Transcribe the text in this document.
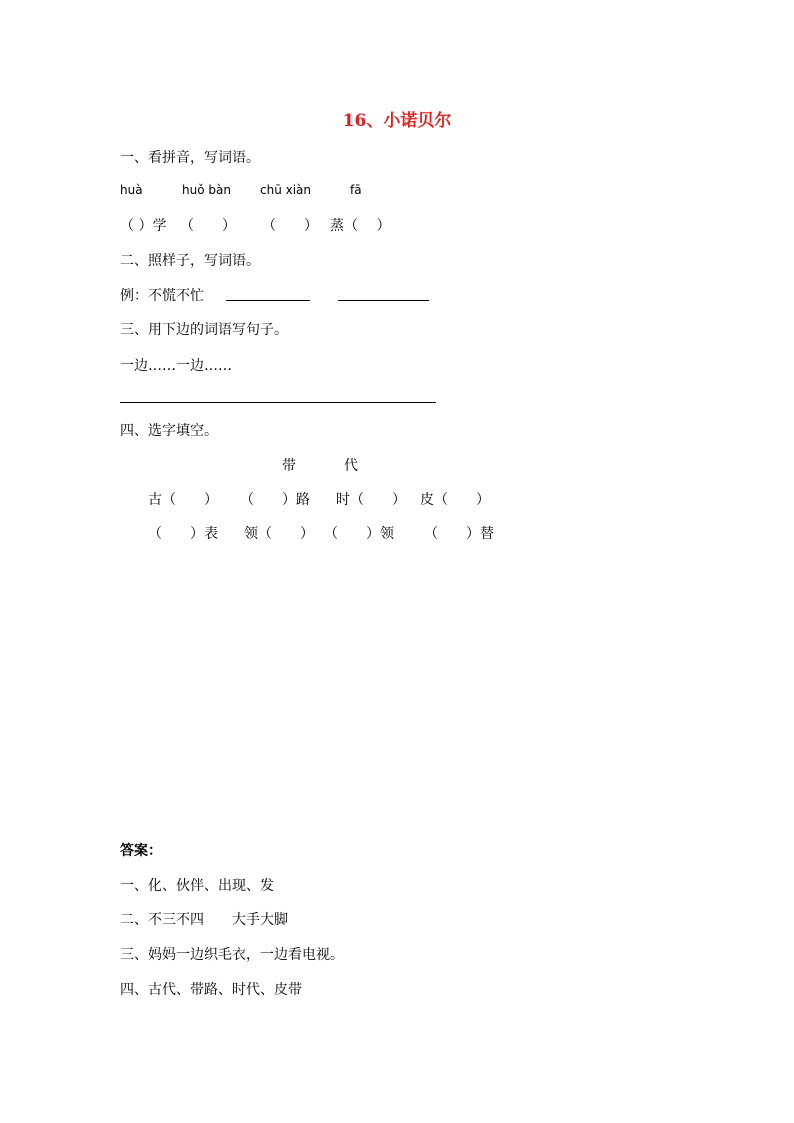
16、小诺贝尔
一、看拼音，写词语。
huà	huǒ bàn chū xiàn	fā
（ ）学 （　　） （　　） 蒸（　 ）
二、照样子，写词语。
例：不慌不忙
三、用下边的词语写句子。
一边……一边……
四、选字填空。
带	代
古（　　） （　　）路 时（　　） 皮（　　）
（　　）表 领（　　） （　　）领 （　　）替
答案：
一、化、伙伴、出现、发
二、不三不四　　大手大脚
三、妈妈一边织毛衣，一边看电视。
四、古代、带路、时代、皮带
